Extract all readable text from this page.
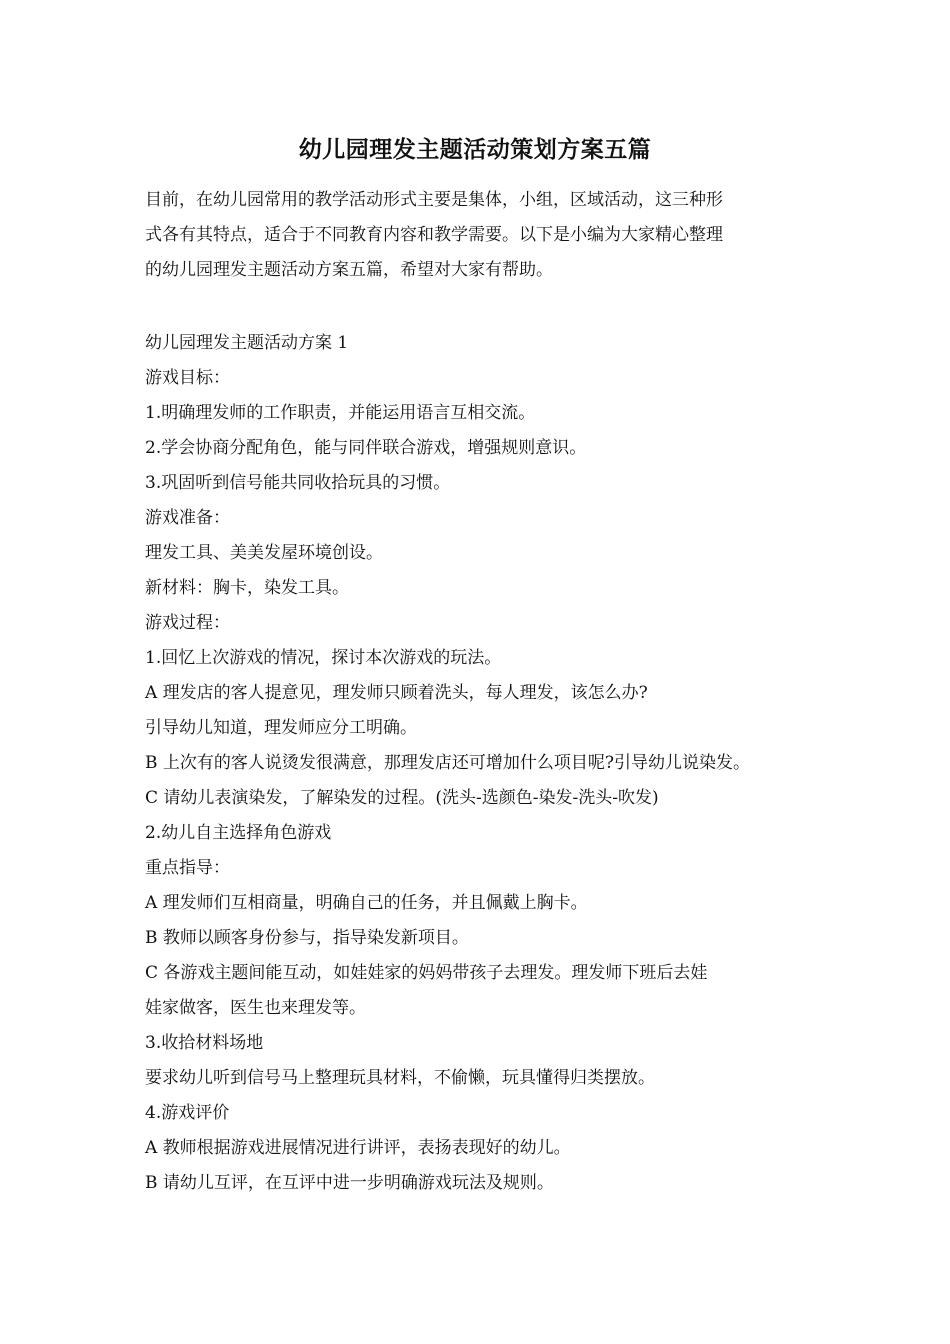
幼儿园理发主题活动策划方案五篇
目前，在幼儿园常用的教学活动形式主要是集体，小组，区域活动，这三种形
式各有其特点，适合于不同教育内容和教学需要。以下是小编为大家精心整理
的幼儿园理发主题活动方案五篇，希望对大家有帮助。

幼儿园理发主题活动方案 1

游戏目标：

1.明确理发师的工作职责，并能运用语言互相交流。

2.学会协商分配角色，能与同伴联合游戏，增强规则意识。

3.巩固听到信号能共同收拾玩具的习惯。

游戏准备：

理发工具、美美发屋环境创设。

新材料：胸卡，染发工具。

游戏过程：

1.回忆上次游戏的情况，探讨本次游戏的玩法。

A 理发店的客人提意见，理发师只顾着洗头，每人理发，该怎么办?

引导幼儿知道，理发师应分工明确。

B 上次有的客人说烫发很满意，那理发店还可增加什么项目呢?引导幼儿说染发。

C 请幼儿表演染发，了解染发的过程。(洗头-选颜色-染发-洗头-吹发)

2.幼儿自主选择角色游戏

重点指导：

A 理发师们互相商量，明确自己的任务，并且佩戴上胸卡。

B 教师以顾客身份参与，指导染发新项目。

C 各游戏主题间能互动，如娃娃家的妈妈带孩子去理发。理发师下班后去娃

娃家做客，医生也来理发等。

3.收拾材料场地

要求幼儿听到信号马上整理玩具材料，不偷懒，玩具懂得归类摆放。

4.游戏评价

A 教师根据游戏进展情况进行讲评，表扬表现好的幼儿。

B 请幼儿互评，在互评中进一步明确游戏玩法及规则。
